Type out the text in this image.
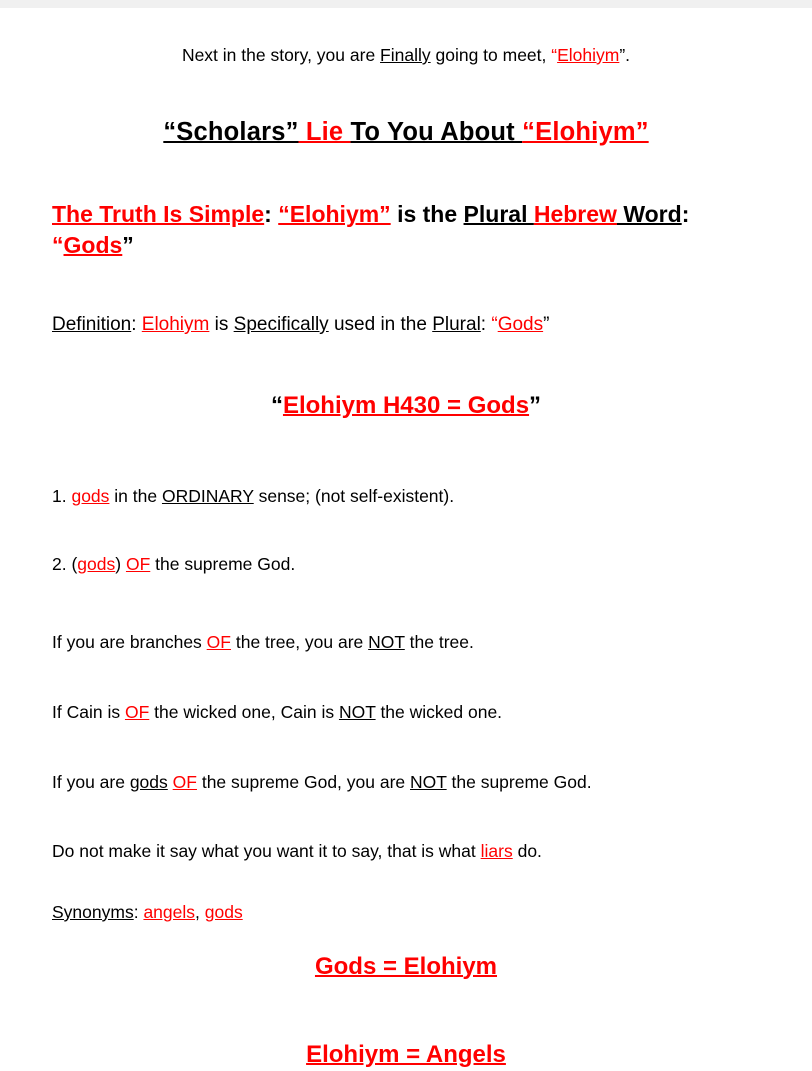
Next in the story, you are Finally going to meet, “Elohiym”.

“Scholars” Lie To You About “Elohiym”

The Truth Is Simple: “Elohiym” is the Plural Hebrew Word: “Gods”

Definition: Elohiym is Specifically used in the Plural: “Gods”

“Elohiym H430 = Gods”

1. gods in the ORDINARY sense; (not self-existent).

2. (gods) OF the supreme God.

If you are branches OF the tree, you are NOT the tree.

If Cain is OF the wicked one, Cain is NOT the wicked one.

If you are gods OF the supreme God, you are NOT the supreme God.

Do not make it say what you want it to say, that is what liars do.

Synonyms: angels, gods

Gods = Elohiym

Elohiym = Angels
